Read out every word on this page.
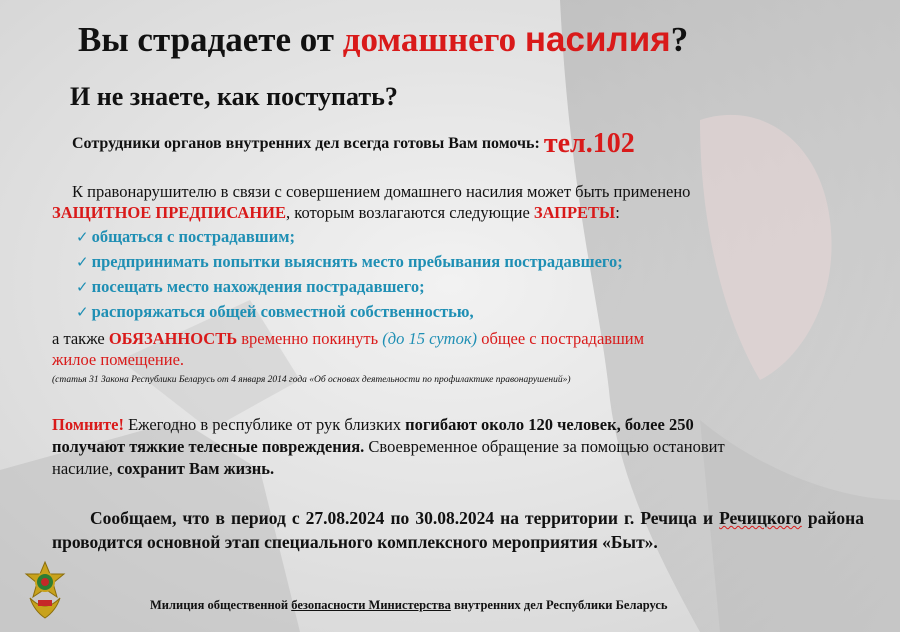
Вы страдаете от домашнего насилия?
И не знаете, как поступать?
Сотрудники органов внутренних дел всегда готовы Вам помочь: тел.102
К правонарушителю в связи с совершением домашнего насилия может быть применено
ЗАЩИТНОЕ ПРЕДПИСАНИЕ, которым возлагаются следующие ЗАПРЕТЫ:
✓ общаться с пострадавшим;
✓ предпринимать попытки выяснять место пребывания пострадавшего;
✓ посещать место нахождения пострадавшего;
✓ распоряжаться общей совместной собственностью,
а также ОБЯЗАННОСТЬ временно покинуть (до 15 суток) общее с пострадавшим
жилое помещение.
(статья 31 Закона Республики Беларусь от 4 января 2014 года «Об основах деятельности по профилактике правонарушений»)
Помните! Ежегодно в республике от рук близких погибают около 120 человек, более 250
получают тяжкие телесные повреждения. Своевременное обращение за помощью остановит
насилие, сохранит Вам жизнь.
Сообщаем, что в период с 27.08.2024 по 30.08.2024 на территории г. Речица и Речицкого района проводится основной этап специального комплексного мероприятия «Быт».
Милиция общественной безопасности Министерства внутренних дел Республики Беларусь
